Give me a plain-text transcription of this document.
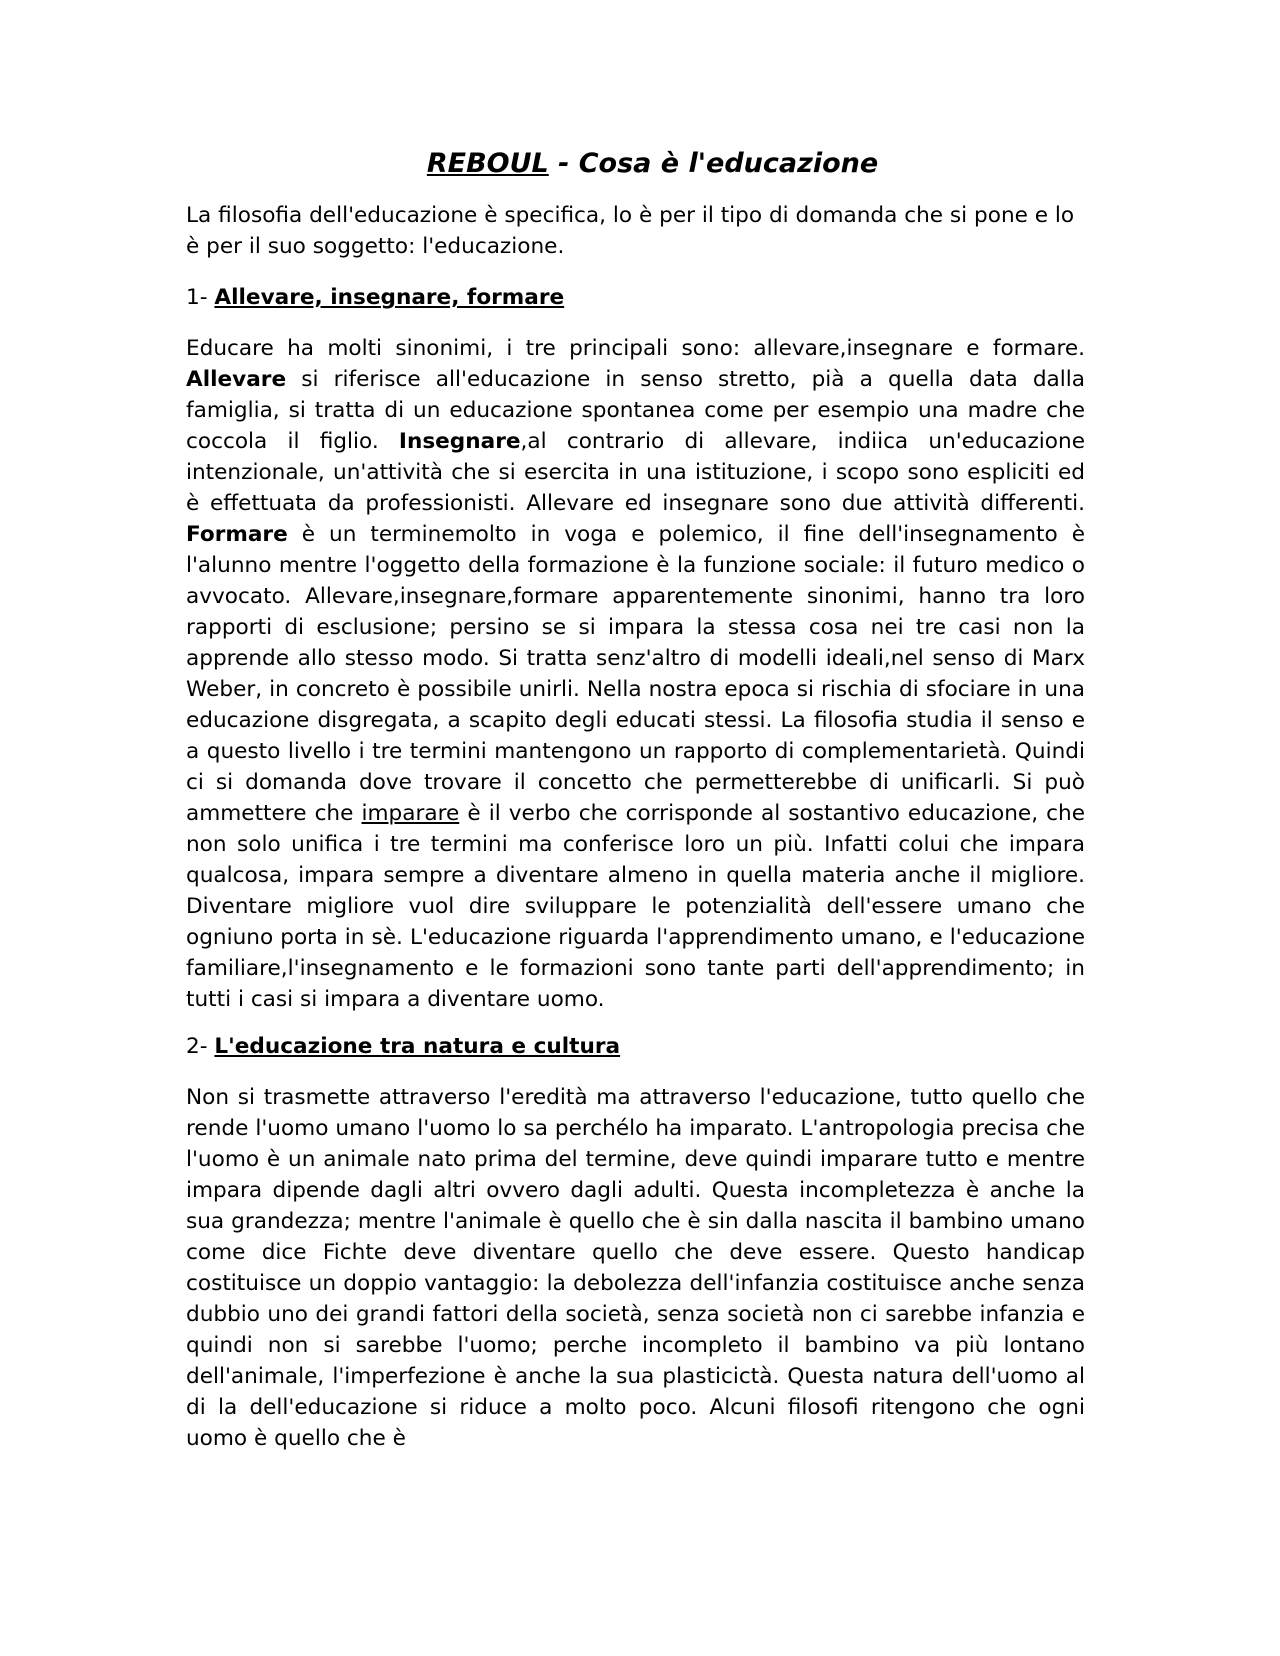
REBOUL - Cosa è l'educazione

La filosofia dell'educazione è specifica, lo è per il tipo di domanda che si pone e lo è per il suo soggetto: l'educazione.

1- Allevare, insegnare, formare

Educare ha molti sinonimi, i tre principali sono: allevare,insegnare e formare. Allevare si riferisce all'educazione in senso stretto, pià a quella data dalla famiglia, si tratta di un educazione spontanea come per esempio una madre che coccola il figlio. Insegnare,al contrario di allevare, indiica un'educazione intenzionale, un'attività che si esercita in una istituzione, i scopo sono espliciti ed è effettuata da professionisti. Allevare ed insegnare sono due attività differenti. Formare è un terminemolto in voga e polemico, il fine dell'insegnamento è l'alunno mentre l'oggetto della formazione è la funzione sociale: il futuro medico o avvocato. Allevare,insegnare,formare apparentemente sinonimi, hanno tra loro rapporti di esclusione; persino se si impara la stessa cosa nei tre casi non la apprende allo stesso modo. Si tratta senz'altro di modelli ideali,nel senso di Marx Weber, in concreto è possibile unirli. Nella nostra epoca si rischia di sfociare in una educazione disgregata, a scapito degli educati stessi. La filosofia studia il senso e a questo livello i tre termini mantengono un rapporto di complementarietà. Quindi ci si domanda dove trovare il concetto che permetterebbe di unificarli. Si può ammettere che imparare è il verbo che corrisponde al sostantivo educazione, che non solo unifica i tre termini ma conferisce loro un più. Infatti colui che impara qualcosa, impara sempre a diventare almeno in quella materia anche il migliore. Diventare migliore vuol dire sviluppare le potenzialità dell'essere umano che ogniuno porta in sè. L'educazione riguarda l'apprendimento umano, e l'educazione familiare,l'insegnamento e le formazioni sono tante parti dell'apprendimento; in tutti i casi si impara a diventare uomo.

2- L'educazione tra natura e cultura

Non si trasmette attraverso l'eredità ma attraverso l'educazione, tutto quello che rende l'uomo umano l'uomo lo sa perchélo ha imparato. L'antropologia precisa che l'uomo è un animale nato prima del termine, deve quindi imparare tutto e mentre impara dipende dagli altri ovvero dagli adulti. Questa incompletezza è anche la sua grandezza; mentre l'animale è quello che è sin dalla nascita il bambino umano come dice Fichte deve diventare quello che deve essere. Questo handicap costituisce un doppio vantaggio: la debolezza dell'infanzia costituisce anche senza dubbio uno dei grandi fattori della società, senza società non ci sarebbe infanzia e quindi non si sarebbe l'uomo; perche incompleto il bambino va più lontano dell'animale, l'imperfezione è anche la sua plasticictà. Questa natura dell'uomo al di la dell'educazione si riduce a molto poco. Alcuni filosofi ritengono che ogni uomo è quello che è
